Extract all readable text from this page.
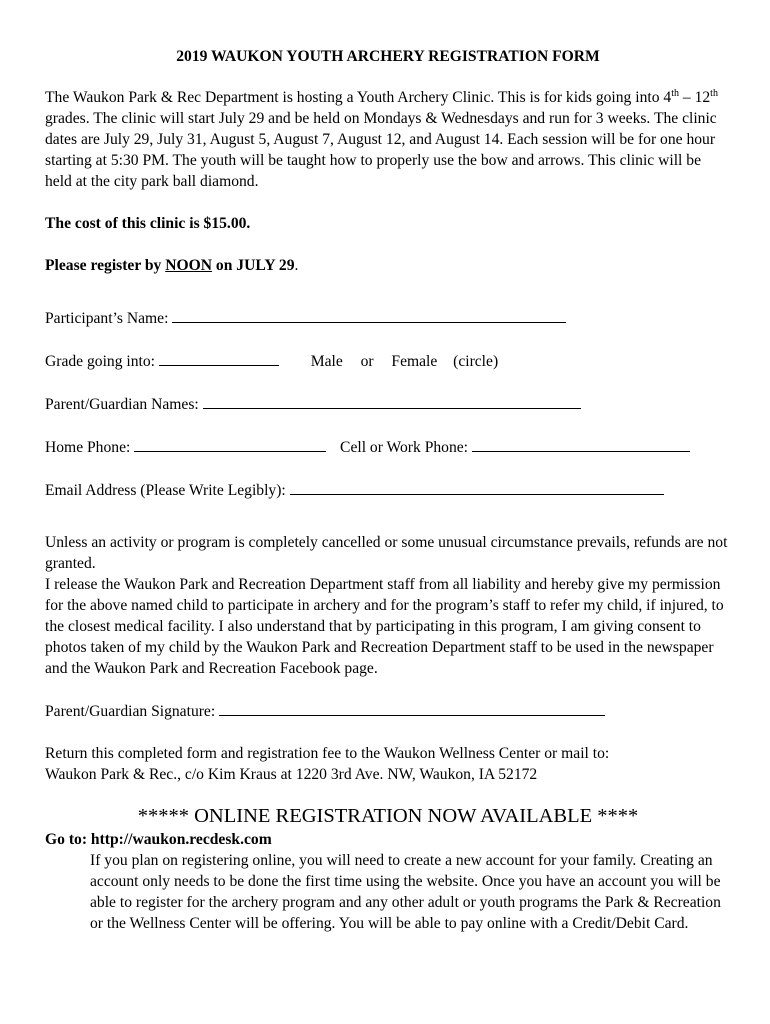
2019 WAUKON YOUTH ARCHERY REGISTRATION FORM

The Waukon Park & Rec Department is hosting a Youth Archery Clinic. This is for kids going into 4th – 12th grades. The clinic will start July 29 and be held on Mondays & Wednesdays and run for 3 weeks. The clinic dates are July 29, July 31, August 5, August 7, August 12, and August 14. Each session will be for one hour starting at 5:30 PM. The youth will be taught how to properly use the bow and arrows. This clinic will be held at the city park ball diamond.

The cost of this clinic is $15.00.

Please register by NOON on JULY 29.

Participant’s Name:

Grade going into:	Male or Female (circle)

Parent/Guardian Names:

Home Phone:	Cell or Work Phone:

Email Address (Please Write Legibly):

Unless an activity or program is completely cancelled or some unusual circumstance prevails, refunds are not granted.

I release the Waukon Park and Recreation Department staff from all liability and hereby give my permission for the above named child to participate in archery and for the program’s staff to refer my child, if injured, to the closest medical facility. I also understand that by participating in this program, I am giving consent to photos taken of my child by the Waukon Park and Recreation Department staff to be used in the newspaper and the Waukon Park and Recreation Facebook page.

Parent/Guardian Signature:

Return this completed form and registration fee to the Waukon Wellness Center or mail to:

Waukon Park & Rec., c/o Kim Kraus at 1220 3rd Ave. NW, Waukon, IA 52172

***** ONLINE REGISTRATION NOW AVAILABLE ****

Go to: http://waukon.recdesk.com

If you plan on registering online, you will need to create a new account for your family. Creating an account only needs to be done the first time using the website. Once you have an account you will be able to register for the archery program and any other adult or youth programs the Park & Recreation or the Wellness Center will be offering. You will be able to pay online with a Credit/Debit Card.
